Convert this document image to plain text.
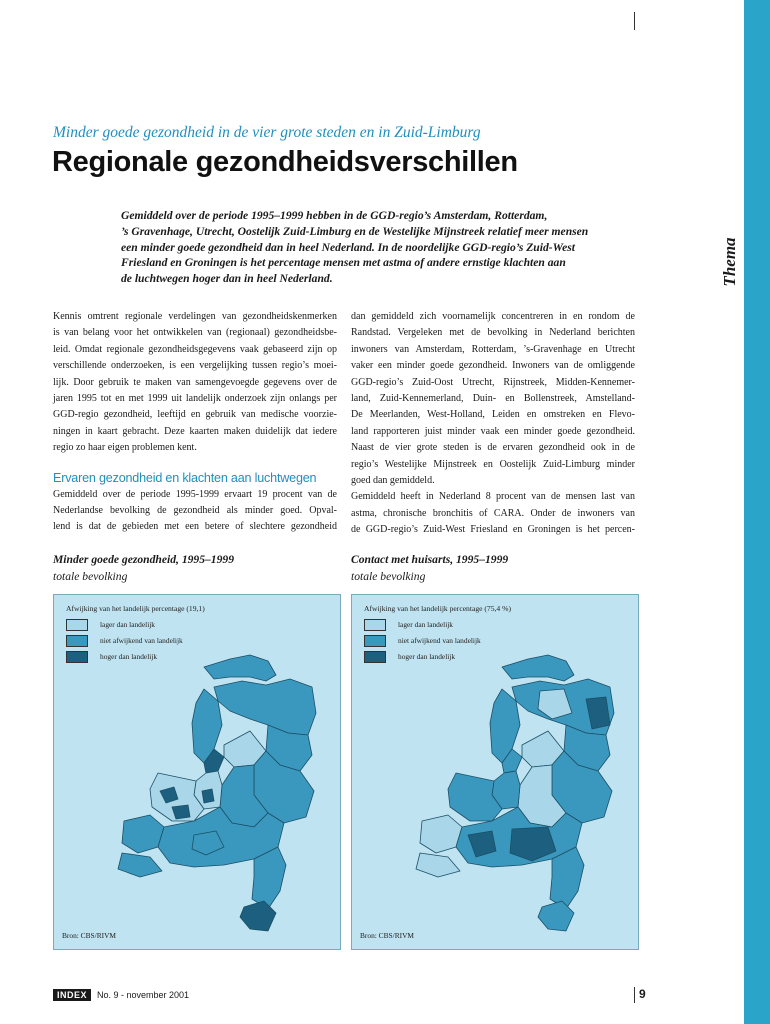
Thema
Minder goede gezondheid in de vier grote steden en in Zuid-Limburg
Regionale gezondheidsverschillen
Gemiddeld over de periode 1995–1999 hebben in de GGD-regio’s Amsterdam, Rotterdam,
’s Gravenhage, Utrecht, Oostelijk Zuid-Limburg en de Westelijke Mijnstreek relatief meer mensen
een minder goede gezondheid dan in heel Nederland. In de noordelijke GGD-regio’s Zuid-West
Friesland en Groningen is het percentage mensen met astma of andere ernstige klachten aan
de luchtwegen hoger dan in heel Nederland.
Kennis omtrent regionale verdelingen van gezondheidskenmerken
is van belang voor het ontwikkelen van (regionaal) gezondheidsbe-
leid. Omdat regionale gezondheidsgegevens vaak gebaseerd zijn op
verschillende onderzoeken, is een vergelijking tussen regio’s moei-
lijk. Door gebruik te maken van samengevoegde gegevens over de
jaren 1995 tot en met 1999 uit landelijk onderzoek zijn onlangs per
GGD-regio gezondheid, leeftijd en gebruik van medische voorzie-
ningen in kaart gebracht. Deze kaarten maken duidelijk dat iedere
regio zo haar eigen problemen kent.
Ervaren gezondheid en klachten aan luchtwegen
Gemiddeld over de periode 1995-1999 ervaart 19 procent van de
Nederlandse bevolking de gezondheid als minder goed. Opval-
lend is dat de gebieden met een betere of slechtere gezondheid
dan gemiddeld zich voornamelijk concentreren in en rondom de
Randstad. Vergeleken met de bevolking in Nederland berichten
inwoners van Amsterdam, Rotterdam, ’s-Gravenhage en Utrecht
vaker een minder goede gezondheid. Inwoners van de omliggende
GGD-regio’s Zuid-Oost Utrecht, Rijnstreek, Midden-Kennemer-
land, Zuid-Kennemerland, Duin- en Bollenstreek, Amstelland-
De Meerlanden, West-Holland, Leiden en omstreken en Flevo-
land rapporteren juist minder vaak een minder goede gezondheid.
Naast de vier grote steden is de ervaren gezondheid ook in de
regio’s Westelijke Mijnstreek en Oostelijk Zuid-Limburg minder
goed dan gemiddeld.
Gemiddeld heeft in Nederland 8 procent van de mensen last van
astma, chronische bronchitis of CARA. Onder de inwoners van
de GGD-regio’s Zuid-West Friesland en Groningen is het percen-
Minder goede gezondheid, 1995–1999
totale bevolking
Afwijking van het landelijk percentage (19,1)
lager dan landelijk
niet afwijkend van landelijk
hoger dan landelijk
Bron: CBS/RIVM
Contact met huisarts, 1995–1999
totale bevolking
Afwijking van het landelijk percentage (75,4 %)
lager dan landelijk
niet afwijkend van landelijk
hoger dan landelijk
Bron: CBS/RIVM
INDEX	No. 9 - november 2001	9
